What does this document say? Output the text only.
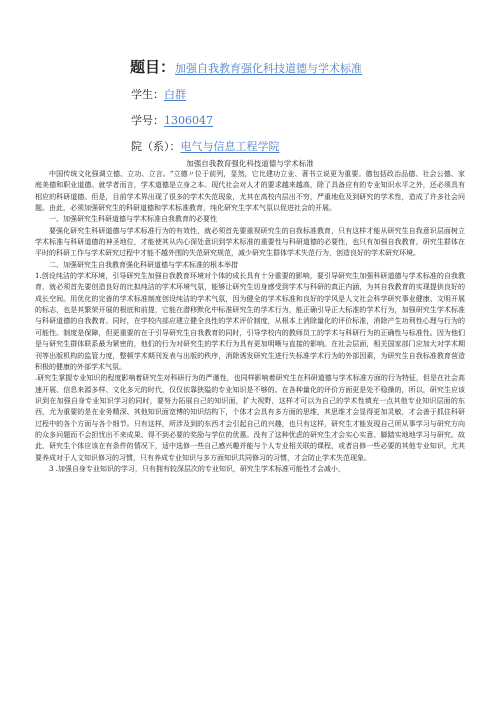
题目：加强自我教育强化科技道德与学术标准
学生：白群
学号：1306047
院（系）：电气与信息工程学院
加强自我教育强化科技道德与学术标准

中国传统文化强调立德、立功、立言。“立德〃位于前列，显然，它比建功立业、著书立说更为重要。德包括政治品德、社会公德、家庭美德和职业道德。就学者而言，学术道德是立身之本。现代社会对人才的要求越来越高，除了具备应有的专业知识水平之外，还必须具有相应的科研道德。但是，目前学术界出现了很多的学术失范现象，尤其在高校内层出不穷，严重地危及到研究的学术性，造成了许多社会问题。由此，必须加强研究生的科研道德和学术标准教育，纯化研究生学术气氛以促进社会的开展。

一、加强研究生科研道德与学术标准自我教育的必要性

要强化研究生科研道德与学术标准行为的有效性，就必须首先要重视研究生的自我标准教育，只有这样才能从研究生自我意识层面树立学术标准与科研道德的神圣地位，才能使其从内心深处意识到学术标准的重要性与科研道德的必要性，也只有加强自我教育，研究生群体在平时的科研工作与学术研究过程中才能不越外围的失范研究规范，减少研究生群体学术失范行为，创造良好的学术研究环境。

二、加强研究生自我教育强化科研道德与学术标准的根本举措

1.创设纯洁的学术环境，引导研究生加强自我教育环境对个体的成长具有十分重要的影响，要引导研究生加强科研道德与学术标准的自我教育，就必须首先要创造良好的比拟纯洁的学术环境气氛，能够让研究生切身感受到学术与科研的真正内涵，为其自我教育的实现提供良好的成长空间。用优化的完善的学术标准制度创设纯洁的学术气氛，因为健全的学术标准和良好的学风是人文社会科学研究事业健康、文明开展的标志，也是其繁荣开展的根底和前提，它能在潜移默化中标准研究生的学术行为，能正确引导正大标准的学术行为，加强研究生学术标准与科研道德的自我教育。同时，在学校内部应建立健全良性的学术评价制度，从根本上消除量化的评价标准，消除产生功利性心理与行为的可能性。制度是保障，但更重要的在于引导研究生自我教育的同时，引导学校内的教师员工的学术与科研行为的正确性与标准性。因为他们是与研究生群体联系最为紧密的，他们的行为对研究生的学术行为具有更加明晰与直接的影响。在社会层面，相关国家部门应加大对学术期刊等出版机构的监管力度，整顿学术期刊发表与出版的秩序，消除诱发研究生进行失标准学术行为的外部因素，为研究生自我标准教育营造积极的健康的外部学术气氛。

.研究生掌握专业知识的程度影响着研究生对科研行为的严谨性，也同样影响着研究生在科研道德与学术标准方面的行为特征，但是在社会高速开展、信息来源多样、文化多元的时代，仅仅依靠狭隘的专业知识是不够的。在各种量化的评价方面更是处不稳操的，所以，研究生应该识到在加强自身专业知识学习的同时，要努力拓展自己的知识面，扩大视野，这样才可以为自己的学术性填充一点其他专业知识层面的东西，尤为重要的是在业务精深、其他知识面宽博的知识结构下，个体才会具有多方面的思维，其思维才会显得更加灵敏，才会善于抓住科研过程中的各个方面与各个细节。只有这样，所涉及到的东西才会引起自己的兴趣，也只有这样，研究生才能发现自己所从事学习与研究方向的众多问题而不会担忧出不来成果、得不到必要的奖励与学位的优惠。没有了这种忧虑的研究生才会实心实意、脚踏实地地学习与研究。故此，研究生个体应该在有条件的情况下，适中选修一些自己感兴趣并能与个人专业相关联的课程，或者自修一些必要的其他专业知识，尤其要养成对于人文知识修习的习惯，只有养成专业知识与多方面知识共同修习的习惯，才会防止学术失范现象。

3 .加强自身专业知识的学习，只有拥有较深层次的专业知识，研究生学术标准可能性才会减小，
